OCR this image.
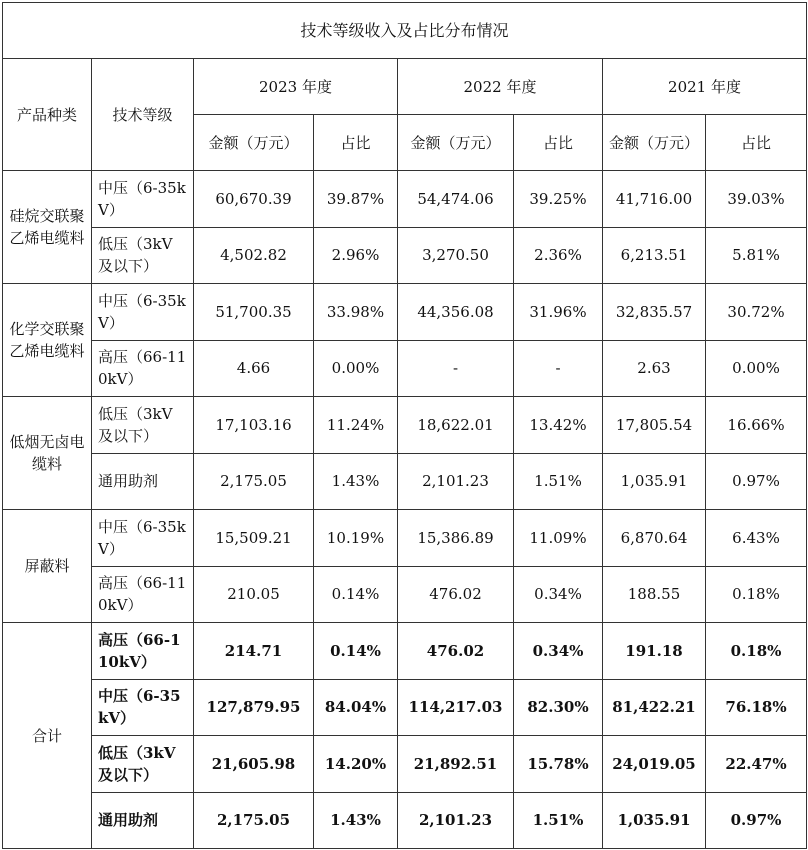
技术等级收入及占比分布情况							
产品种类	技术等级	2023 年度		2022 年度		2021 年度	
		金额（万元）	占比	金额（万元）	占比	金额（万元）	占比
硅烷交联聚乙烯电缆料	中压（6-35kV）	60,670.39	39.87%	54,474.06	39.25%	41,716.00	39.03%
	低压（3kV及以下）	4,502.82	2.96%	3,270.50	2.36%	6,213.51	5.81%
化学交联聚乙烯电缆料	中压（6-35kV）	51,700.35	33.98%	44,356.08	31.96%	32,835.57	30.72%
	高压（66-110kV）	4.66	0.00%	-	-	2.63	0.00%
低烟无卤电缆料	低压（3kV及以下）	17,103.16	11.24%	18,622.01	13.42%	17,805.54	16.66%
	通用助剂	2,175.05	1.43%	2,101.23	1.51%	1,035.91	0.97%
屏蔽料	中压（6-35kV）	15,509.21	10.19%	15,386.89	11.09%	6,870.64	6.43%
	高压（66-110kV）	210.05	0.14%	476.02	0.34%	188.55	0.18%
合计	高压（66-110kV）	214.71	0.14%	476.02	0.34%	191.18	0.18%
	中压（6-35kV）	127,879.95	84.04%	114,217.03	82.30%	81,422.21	76.18%
	低压（3kV及以下）	21,605.98	14.20%	21,892.51	15.78%	24,019.05	22.47%
	通用助剂	2,175.05	1.43%	2,101.23	1.51%	1,035.91	0.97%
